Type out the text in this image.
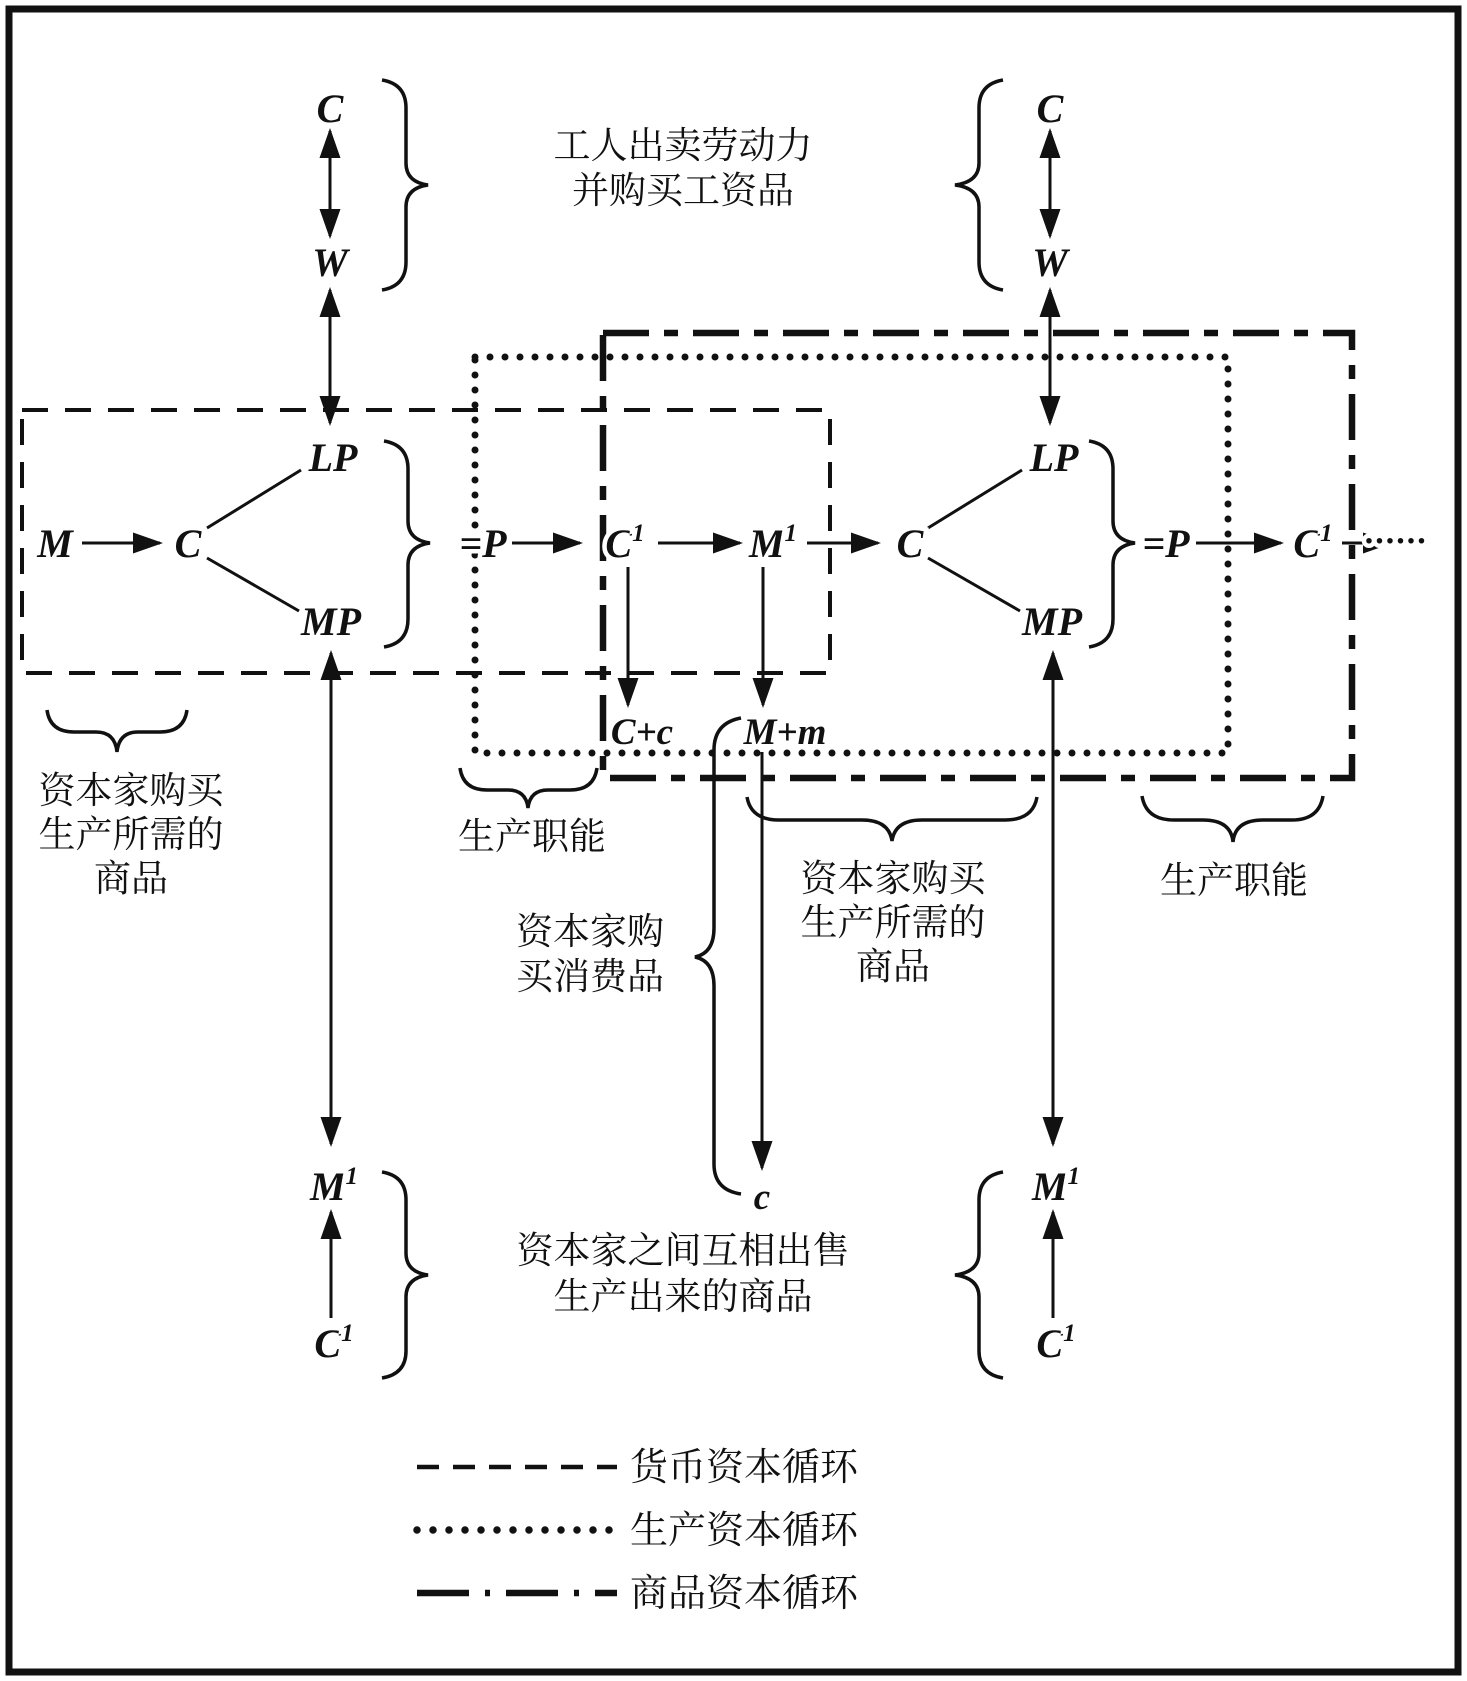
C
W
C
W
M	C
LP
MP
=P $C^1$	$M^1$ C
LP
MP
=P	$C^1$ ······
C+c M+m
c
$M^1$
$C^1$
$M^1$
$C^1$
工人出卖劳动力
并购买工资品
资本家购买
生产所需的
商品
生产职能
资本家购
买消费品
资本家购买
生产所需的
商品
生产职能
资本家之间互相出售
生产出来的商品
货币资本循环
生产资本循环
商品资本循环
